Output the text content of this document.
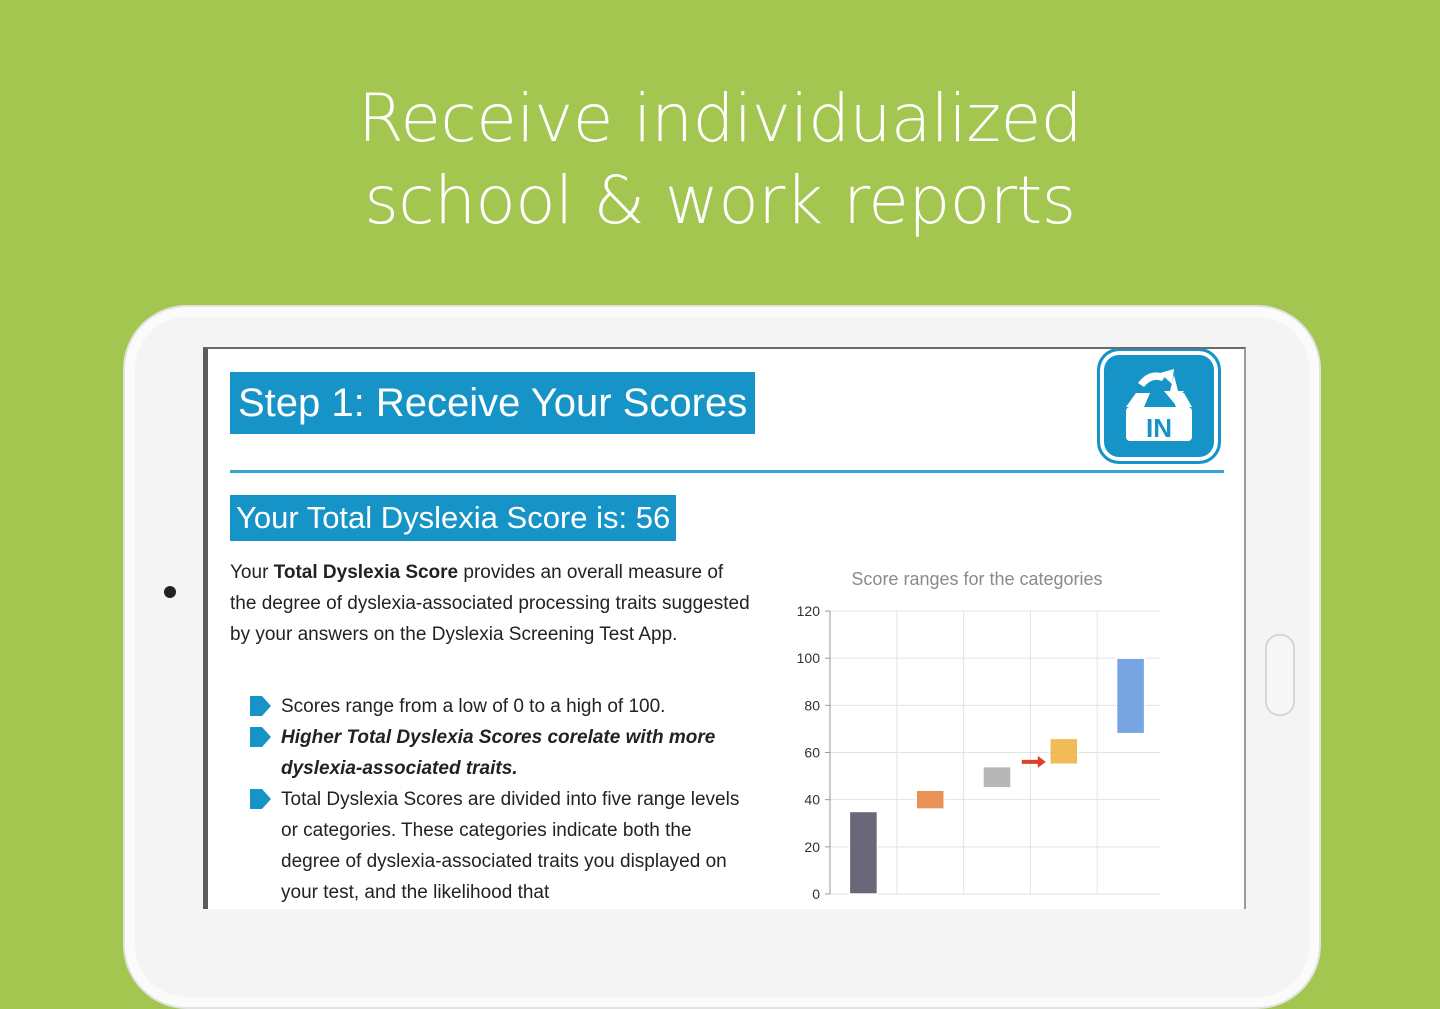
Receive individualized
school & work reports
Step 1: Receive Your Scores
IN
Your Total Dyslexia Score is: 56
Your Total Dyslexia Score provides an overall measure of the degree of dyslexia-associated processing traits suggested by your answers on the Dyslexia Screening Test App.
Scores range from a low of 0 to a high of 100.
Higher Total Dyslexia Scores corelate with more dyslexia-associated traits.
Total Dyslexia Scores are divided into five range levels or categories. These categories indicate both the degree of dyslexia-associated traits you displayed on your test, and the likelihood that
Score ranges for the categories
0
20
40
60
80
100
120
